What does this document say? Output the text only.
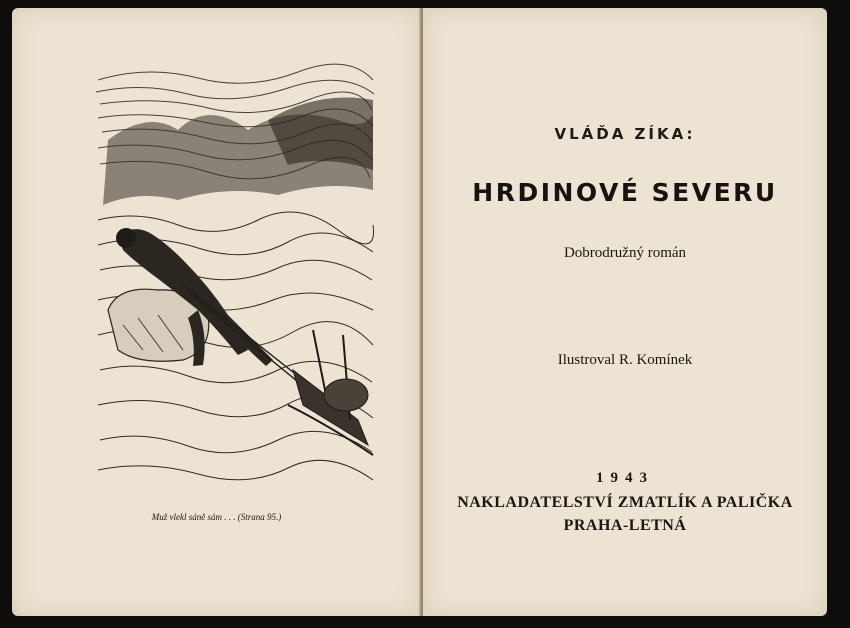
Muž vlekl sáně sám . . . (Strana 95.)
VLÁĎA ZÍKA:
HRDINOVÉ SEVERU
Dobrodružný román
Ilustroval R. Komínek
1943
NAKLADATELSTVÍ ZMATLÍK A PALIČKA
PRAHA-LETNÁ
